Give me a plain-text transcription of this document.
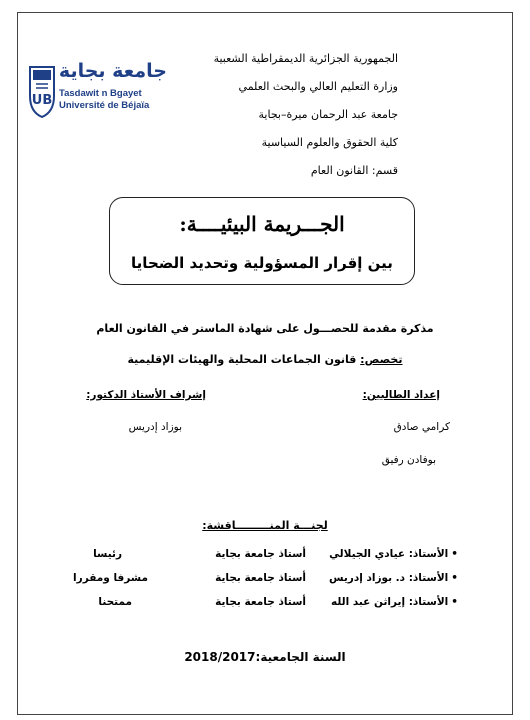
UB
جامعة بجاية
Tasdawit n Bgayet
Université de Béjaïa
الجمهورية الجزائرية الديمقراطية الشعبية
وزارة التعليم العالي والبحث العلمي
جامعة عبد الرحمان ميرة–بجاية
كلية الحقوق والعلوم السياسية
قسم: القانون العام
الجـــريمة البيئيــــة:
بين إقرار المسؤولية وتحديد الضحايا
مذكرة مقدمة للحصـــول على شهادة الماستر في القانون العام
تخصص: قانون الجماعات المحلية والهيئات الإقليمية
إعداد الطالبين:
إشراف الأستاذ الدكتور:
كرامي صادق
بوزاد إدريس
بوفادن رفيق
لجنـــة المنـــــــــاقشة:
•الأستاذ: عيادي الجيلالي
أستاذ جامعة بجاية
رئيسا
•الأستاذ: د. بوزاد إدريس
أستاذ جامعة بجاية
مشرفا ومقررا
•الأستاذ: إيراثن عبد الله
أستاذ جامعة بجاية
ممتحنا
السنة الجامعية:2018/2017
